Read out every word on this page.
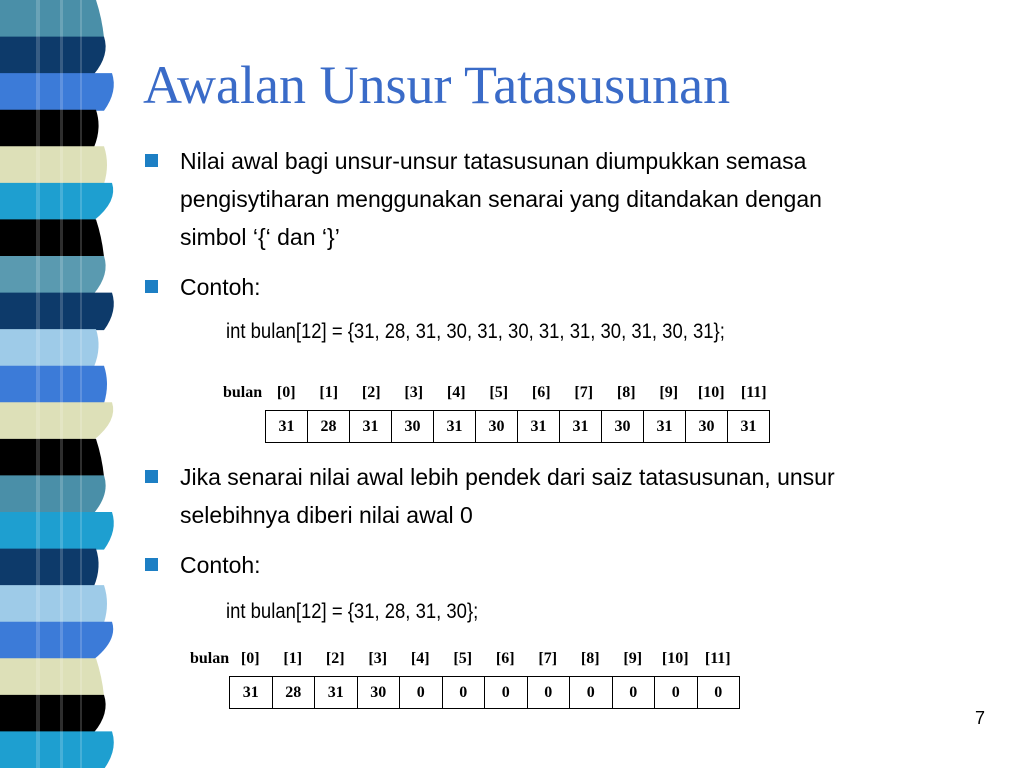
Awalan Unsur Tatasusunan
Nilai awal bagi unsur-unsur tatasusunan diumpukkan semasa
pengisytiharan menggunakan senarai yang ditandakan dengan
simbol ‘{‘ dan ‘}’
Contoh:
int bulan[12] = {31, 28, 31, 30, 31, 30, 31, 31, 30, 31, 30, 31};
bulan [0]	[1]	[2]	[3]	[4]	[5]	[6]	[7]	[8]	[9]	[10]	[11]
31	28	31	30	31	30	31	31	30	31	30	31
Jika senarai nilai awal lebih pendek dari saiz tatasusunan, unsur
selebihnya diberi nilai awal 0
Contoh:
int bulan[12] = {31, 28, 31, 30};
bulan [0]	[1]	[2]	[3]	[4]	[5]	[6]	[7]	[8]	[9]	[10]	[11]
31	28	31	30	0	0	0	0	0	0	0	0
7
